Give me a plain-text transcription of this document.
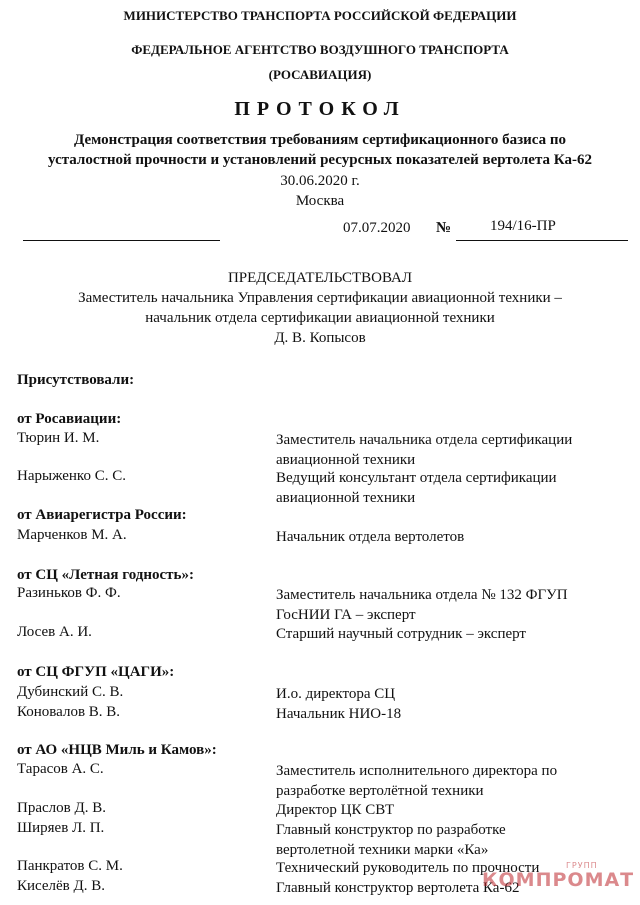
МИНИСТЕРСТВО ТРАНСПОРТА РОССИЙСКОЙ ФЕДЕРАЦИИ
ФЕДЕРАЛЬНОЕ АГЕНТСТВО ВОЗДУШНОГО ТРАНСПОРТА
(РОСАВИАЦИЯ)
ПРОТОКОЛ
Демонстрация соответствия требованиям сертификационного базиса по
усталостной прочности и установлений ресурсных показателей вертолета Ка-62
30.06.2020 г.
Москва
07.07.2020 №	194/16-ПР
ПРЕДСЕДАТЕЛЬСТВОВАЛ
Заместитель начальника Управления сертификации авиационной техники –
начальник отдела сертификации авиационной техники
Д. В. Копысов
Присутствовали:
от Росавиации:
Тюрин И. М.	Заместитель начальника отдела сертификации
авиационной техники
Нарыженко С. С.	Ведущий консультант отдела сертификации
авиационной техники
от Авиарегистра России:
Марченков М. А.	Начальник отдела вертолетов
от СЦ «Летная годность»:
Разиньков Ф. Ф.	Заместитель начальника отдела № 132 ФГУП
ГосНИИ ГА – эксперт
Лосев А. И.	Старший научный сотрудник – эксперт
от СЦ ФГУП «ЦАГИ»:
Дубинский С. В.	И.о. директора СЦ
Коновалов В. В.	Начальник НИО-18
от АО «НЦВ Миль и Камов»:
Тарасов А. С.	Заместитель исполнительного директора по
разработке вертолётной техники
Праслов Д. В.	Директор ЦК СВТ
Ширяев Л. П.	Главный конструктор по разработке
вертолетной техники марки «Ка»
Панкратов С. М.	Технический руководитель по прочности
Киселёв Д. В.	Главный конструктор вертолета Ка-62
ГРУПП
КОМПРОМАТ
